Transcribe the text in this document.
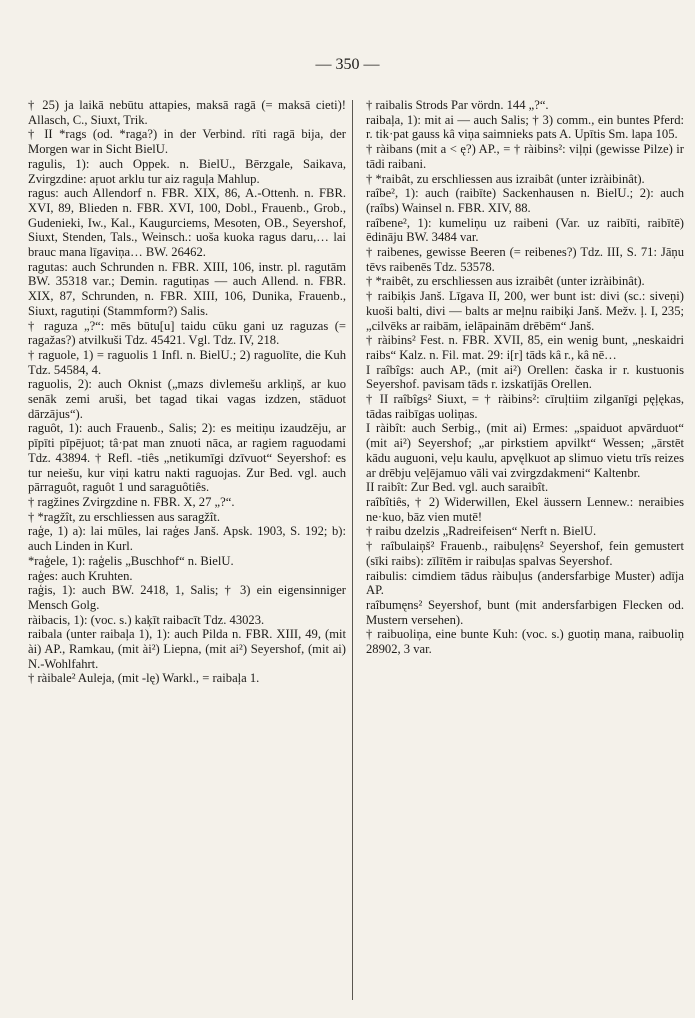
— 350 —

† 25) ja laikā nebūtu attapies, maksā ragā (= maksā cieti)! Allasch, C., Siuxt, Trik.

† II *rags (od. *raga?) in der Verbind. rīti ragā bija, der Morgen war in Sicht BielU.

ragulis, 1): auch Oppek. n. BielU., Bērzgale, Saikava, Zvirgzdine: aŗuot arklu tur aiz raguļa Mahlup.

ragus: auch Allendorf n. FBR. XIX, 86, A.-Ottenh. n. FBR. XVI, 89, Blieden n. FBR. XVI, 100, Dobl., Frauenb., Grob., Gudenieki, Iw., Kal., Kaugurciems, Mesoten, OB., Seyershof, Siuxt, Stenden, Tals., Weinsch.: uoša kuoka ragus daru,… lai brauc mana līgaviņa… BW. 26462.

ragutas: auch Schrunden n. FBR. XIII, 106, instr. pl. ragutām BW. 35318 var.; Demin. ragutiņas — auch Allend. n. FBR. XIX, 87, Schrunden, n. FBR. XIII, 106, Dunika, Frauenb., Siuxt, ragutiņi (Stammform?) Salis.

† raguza „?“: mēs būtu[u] taidu cūku gani uz raguzas (= ragažas?) atvilkuši Tdz. 45421. Vgl. Tdz. IV, 218.

† raguole, 1) = raguolis 1 Infl. n. BielU.; 2) raguolīte, die Kuh Tdz. 54584, 4.

raguolis, 2): auch Oknist („mazs divlemešu arkliņš, ar kuo senāk zemi aruši, bet tagad tikai vagas izdzen, stāduot dārzājus“).

raguôt, 1): auch Frauenb., Salis; 2): es meitiņu izaudzēju, ar pīpīti pīpējuot; tâ·pat man znuoti nāca, ar ragiem raguodami Tdz. 43894. † Refl. -tiês „netikumīgi dzīvuot“ Seyershof: es tur neiešu, kur viņi katru nakti raguojas. Zur Bed. vgl. auch pārraguôt, raguôt 1 und saraguôtiês.

† ragžines Zvirgzdine n. FBR. X, 27 „?“.

† *ragžît, zu erschliessen aus saragžît.

raģe, 1) a): lai mūles, lai raģes Janš. Apsk. 1903, S. 192; b): auch Linden in Kurl.

*raģele, 1): raģelis „Buschhof“ n. BielU.

raģes: auch Kruhten.

raģis, 1): auch BW. 2418, 1, Salis; † 3) ein eigensinniger Mensch Golg.

ràibacis, 1): (voc. s.) kaķīt raibacīt Tdz. 43023.

raibala (unter raibaļa 1), 1): auch Pilda n. FBR. XIII, 49, (mit ài) AP., Ramkau, (mit ài²) Liepna, (mit ai²) Seyershof, (mit ai) N.-Wohlfahrt.

† ràibale² Auleja, (mit -lę) Warkl., = raibaļa 1.

† raibalis Strods Par vördn. 144 „?“.

raibaļa, 1): mit ai — auch Salis; † 3) comm., ein buntes Pferd: r. tik·pat gauss kâ viņa saimnieks pats A. Upītis Sm. lapa 105.

† ràibans (mit a < ę?) AP., = † ràibins²: viļņi (gewisse Pilze) ir tādi raibani.

† *raibât, zu erschliessen aus izraibât (unter izràibinât).

raîbe², 1): auch (raibīte) Sackenhausen n. BielU.; 2): auch (raîbs) Wainsel n. FBR. XIV, 88.

raîbene², 1): kumeliņu uz raibeni (Var. uz raibīti, raibītē) ēdināju BW. 3484 var.

† raibenes, gewisse Beeren (= reibenes?) Tdz. III, S. 71: Jāņu tēvs raibenēs Tdz. 53578.

† *raibêt, zu erschliessen aus izraibêt (unter izràibinât).

† raibiķis Janš. Līgava II, 200, wer bunt ist: divi (sc.: siveņi) kuoši balti, divi — balts ar meļnu raibiķi Janš. Mežv. ļ. I, 235; „cilvēks ar raibām, ielāpainām drēbēm“ Janš.

† ràibins² Fest. n. FBR. XVII, 85, ein wenig bunt, „neskaidri raibs“ Kalz. n. Fil. mat. 29: i[r] tāds kâ r., kâ nē…

I raîbîgs: auch AP., (mit ai²) Orellen: časka ir r. kustuonis Seyershof. pavisam tāds r. izskatījās Orellen.

† II raîbîgs² Siuxt, = † ràibins²: cīruļtiim zilganīgi pęļękas, tādas raibīgas uoliņas.

I ràibît: auch Serbig., (mit ai) Ermes: „spaiduot apvārduot“ (mit ai²) Seyershof; „ar pirkstiem apvilkt“ Wessen; „ārstēt kādu auguoni, veļu kaulu, apvęlkuot ap slimuo vietu trīs reizes ar drēbju veļējamuo vāli vai zvirgzdakmeni“ Kaltenbr.

II raibît: Zur Bed. vgl. auch saraibît.

raîbîtiês, † 2) Widerwillen, Ekel äussern Lennew.: neraibies ne·kuo, bāz vien mutē!

† raibu dzelzis „Radreifeisen“ Nerft n. BielU.

† raîbulaiņš² Frauenb., raibuļęns² Seyershof, fein gemustert (sīki raibs): zīlītēm ir raibuļas spalvas Seyershof.

raibulis: cimdiem tādus ràibuļus (andersfarbige Muster) adīja AP.

raîbumęns² Seyershof, bunt (mit andersfarbigen Flecken od. Mustern versehen).

† raibuoliņa, eine bunte Kuh: (voc. s.) guotiņ mana, raibuoliņ 28902, 3 var.
